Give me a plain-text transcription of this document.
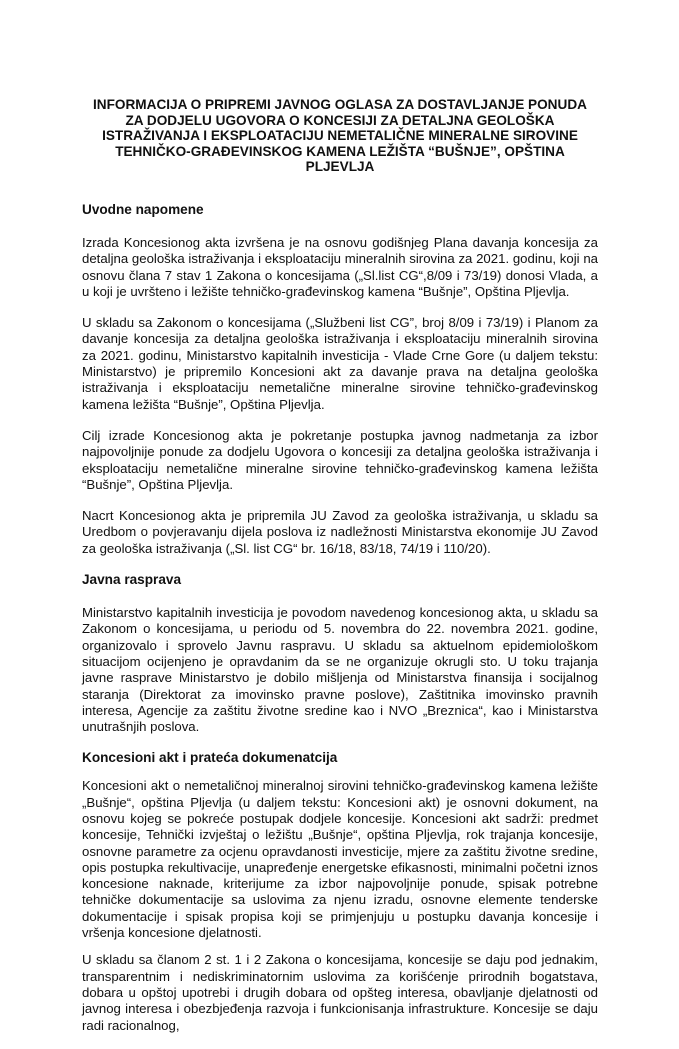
INFORMACIJA O PRIPREMI JAVNOG OGLASA ZA DOSTAVLJANJE PONUDA ZA DODJELU UGOVORA O KONCESIJI ZA DETALJNA GEOLOŠKA ISTRAŽIVANJA I EKSPLOATACIJU NEMETALIČNE MINERALNE SIROVINE TEHNIČKO-GRAĐEVINSKOG KAMENA LEŽIŠTA “BUŠNJE”, OPŠTINA PLJEVLJA
Uvodne napomene

Izrada Koncesionog akta izvršena je na osnovu godišnjeg Plana davanja koncesija za detaljna geološka istraživanja i eksploataciju mineralnih sirovina za 2021. godinu, koji na osnovu člana 7 stav 1 Zakona o koncesijama („Sl.list CG“,8/09 i 73/19) donosi Vlada, a u koji je uvršteno i ležište tehničko-građevinskog kamena “Bušnje”, Opština Pljevlja.

U skladu sa Zakonom o koncesijama („Službeni list CG”, broj 8/09 i 73/19) i Planom za davanje koncesija za detaljna geološka istraživanja i eksploataciju mineralnih sirovina za 2021. godinu, Ministarstvo kapitalnih investicija - Vlade Crne Gore (u daljem tekstu: Ministarstvo) je pripremilo Koncesioni akt za davanje prava na detaljna geološka istraživanja i eksploataciju nemetalične mineralne sirovine tehničko-građevinskog kamena ležišta “Bušnje”, Opština Pljevlja.

Cilj izrade Koncesionog akta je pokretanje postupka javnog nadmetanja za izbor najpovoljnije ponude za dodjelu Ugovora o koncesiji za detaljna geološka istraživanja i eksploataciju nemetalične mineralne sirovine tehničko-građevinskog kamena ležišta “Bušnje”, Opština Pljevlja.

Nacrt Koncesionog akta je pripremila JU Zavod za geološka istraživanja, u skladu sa Uredbom o povjeravanju dijela poslova iz nadležnosti Ministarstva ekonomije JU Zavod za geološka istraživanja („Sl. list CG“ br. 16/18, 83/18, 74/19 i 110/20).

Javna rasprava

Ministarstvo kapitalnih investicija je povodom navedenog koncesionog akta, u skladu sa Zakonom o koncesijama, u periodu od 5. novembra do 22. novembra 2021. godine, organizovalo i sprovelo Javnu raspravu. U skladu sa aktuelnom epidemiološkom situacijom ocijenjeno je opravdanim da se ne organizuje okrugli sto. U toku trajanja javne rasprave Ministarstvo je dobilo mišljenja od Ministarstva finansija i socijalnog staranja (Direktorat za imovinsko pravne poslove), Zaštitnika imovinsko pravnih interesa, Agencije za zaštitu životne sredine kao i NVO „Breznica“, kao i Ministarstva unutrašnjih poslova.

Koncesioni akt i prateća dokumenatcija

Koncesioni akt o nemetaličnoj mineralnoj sirovini tehničko-građevinskog kamena ležište „Bušnje“, opština Pljevlja (u daljem tekstu: Koncesioni akt) je osnovni dokument, na osnovu kojeg se pokreće postupak dodjele koncesije. Koncesioni akt sadrži: predmet koncesije, Tehnički izvještaj o ležištu „Bušnje“, opština Pljevlja, rok trajanja koncesije, osnovne parametre za ocjenu opravdanosti investicije, mjere za zaštitu životne sredine, opis postupka rekultivacije, unapređenje energetske efikasnosti, minimalni početni iznos koncesione naknade, kriterijume za izbor najpovoljnije ponude, spisak potrebne tehničke dokumentacije sa uslovima za njenu izradu, osnovne elemente tenderske dokumentacije i spisak propisa koji se primjenjuju u postupku davanja koncesije i vršenja koncesione djelatnosti.

U skladu sa članom 2 st. 1 i 2 Zakona o koncesijama, koncesije se daju pod jednakim, transparentnim i nediskriminatornim uslovima za korišćenje prirodnih bogatstava, dobara u opštoj upotrebi i drugih dobara od opšteg interesa, obavljanje djelatnosti od javnog interesa i obezbjeđenja razvoja i funkcionisanja infrastrukture. Koncesije se daju radi racionalnog,
